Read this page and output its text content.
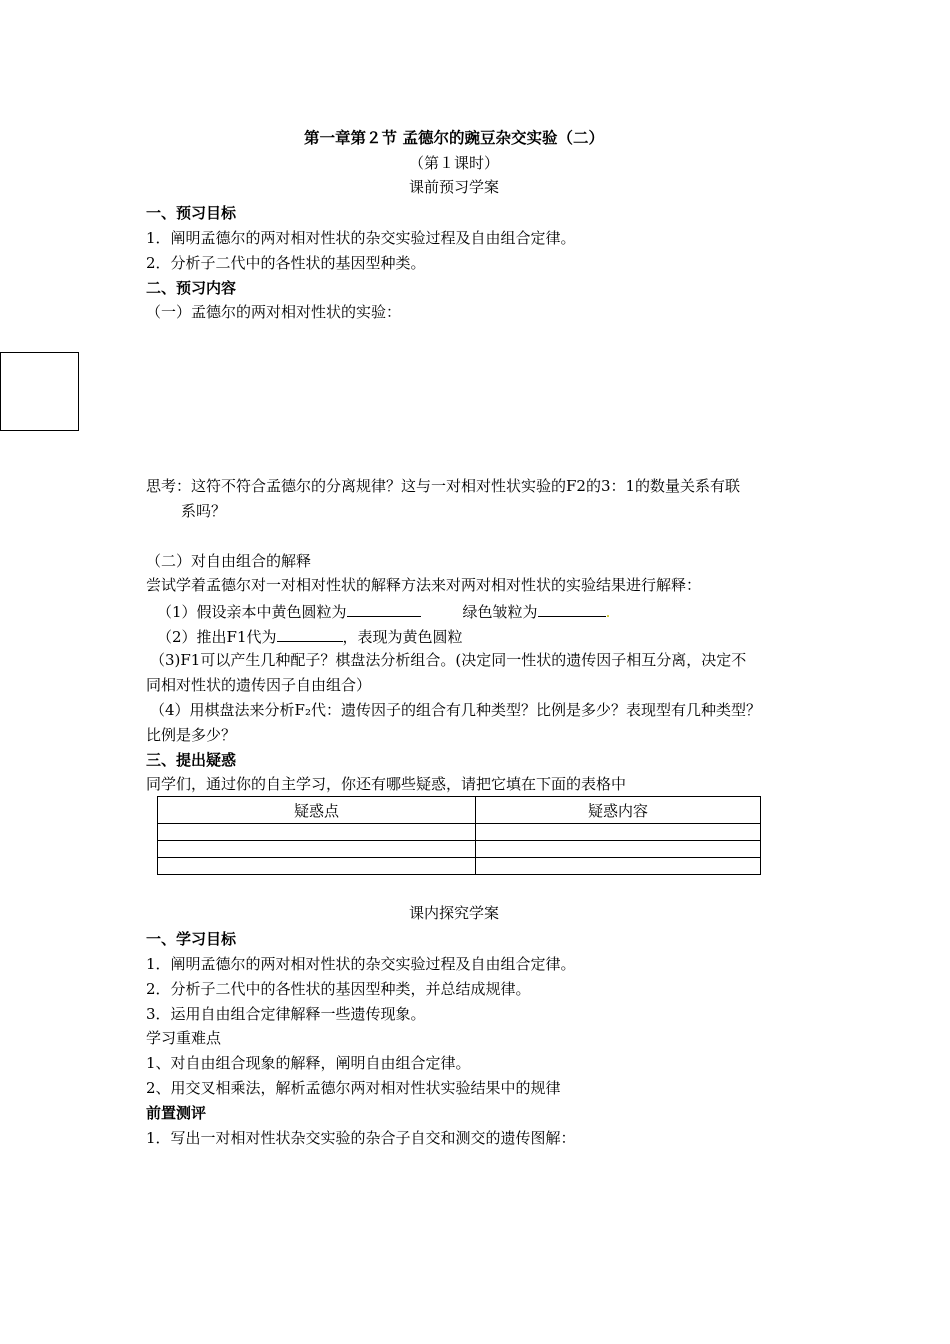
第一章第２节 孟德尔的豌豆杂交实验（二）
（第１课时）
课前预习学案
一、预习目标
1．阐明孟德尔的两对相对性状的杂交实验过程及自由组合定律。
2．分析子二代中的各性状的基因型种类。
二、预习内容
（一）孟德尔的两对相对性状的实验：
思考：这符不符合孟德尔的分离规律？这与一对相对性状实验的F2的3：1的数量关系有联
系吗？
（二）对自由组合的解释
尝试学着孟德尔对一对相对性状的解释方法来对两对相对性状的实验结果进行解释：
（1）假设亲本中黄色圆粒为	绿色皱粒为	.
（2）推出F1代为	，表现为黄色圆粒
（3)F1可以产生几种配子？棋盘法分析组合。(决定同一性状的遗传因子相互分离，决定不
同相对性状的遗传因子自由组合）
（4）用棋盘法来分析F₂代：遗传因子的组合有几种类型？比例是多少？表现型有几种类型？
比例是多少？
三、提出疑惑
同学们，通过你的自主学习，你还有哪些疑惑，请把它填在下面的表格中
疑惑点	疑惑内容

课内探究学案
一、学习目标
1．阐明孟德尔的两对相对性状的杂交实验过程及自由组合定律。
2．分析子二代中的各性状的基因型种类，并总结成规律。
3．运用自由组合定律解释一些遗传现象。
学习重难点
1、对自由组合现象的解释，阐明自由组合定律。
2、用交叉相乘法，解析孟德尔两对相对性状实验结果中的规律
前置测评
1．写出一对相对性状杂交实验的杂合子自交和测交的遗传图解：
